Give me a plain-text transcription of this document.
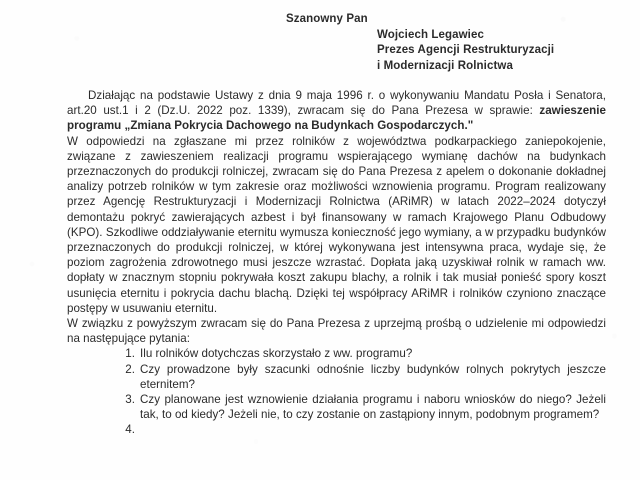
Szanowny Pan
Wojciech Legawiec
Prezes Agencji Restrukturyzacji
i Modernizacji Rolnictwa

Działając na podstawie Ustawy z dnia 9 maja 1996 r. o wykonywaniu Mandatu Posła i Senatora, art.20 ust.1 i 2 (Dz.U. 2022 poz. 1339), zwracam się do Pana Prezesa w sprawie: zawieszenie programu „Zmiana Pokrycia Dachowego na Budynkach Gospodarczych."

W odpowiedzi na zgłaszane mi przez rolników z województwa podkarpackiego zaniepokojenie, związane z zawieszeniem realizacji programu wspierającego wymianę dachów na budynkach przeznaczonych do produkcji rolniczej, zwracam się do Pana Prezesa z apelem o dokonanie dokładnej analizy potrzeb rolników w tym zakresie oraz możliwości wznowienia programu. Program realizowany przez Agencję Restrukturyzacji i Modernizacji Rolnictwa (ARiMR) w latach 2022–2024 dotyczył demontażu pokryć zawierających azbest i był finansowany w ramach Krajowego Planu Odbudowy (KPO). Szkodliwe oddziaływanie eternitu wymusza konieczność jego wymiany, a w przypadku budynków przeznaczonych do produkcji rolniczej, w której wykonywana jest intensywna praca, wydaje się, że poziom zagrożenia zdrowotnego musi jeszcze wzrastać. Dopłata jaką uzyskiwał rolnik w ramach ww. dopłaty w znacznym stopniu pokrywała koszt zakupu blachy, a rolnik i tak musiał ponieść spory koszt usunięcia eternitu i pokrycia dachu blachą. Dzięki tej współpracy ARiMR i rolników czyniono znaczące postępy w usuwaniu eternitu.

W związku z powyższym zwracam się do Pana Prezesa z uprzejmą prośbą o udzielenie mi odpowiedzi na następujące pytania:

1. Ilu rolników dotychczas skorzystało z ww. programu?
2. Czy prowadzone były szacunki odnośnie liczby budynków rolnych pokrytych jeszcze eternitem?
3. Czy planowane jest wznowienie działania programu i naboru wniosków do niego? Jeżeli tak, to od kiedy? Jeżeli nie, to czy zostanie on zastąpiony innym, podobnym programem?
4.
